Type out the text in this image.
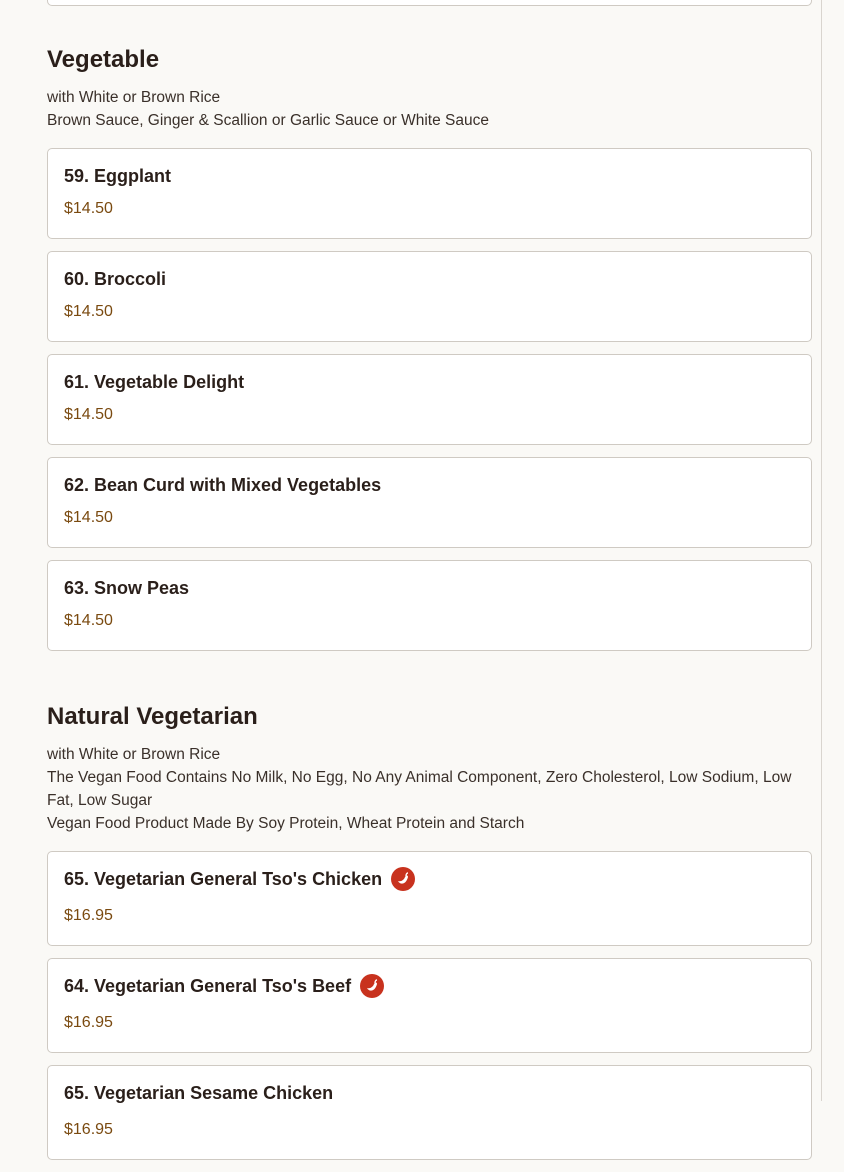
Vegetable
with White or Brown Rice
Brown Sauce, Ginger & Scallion or Garlic Sauce or White Sauce
59. Eggplant
$14.50
60. Broccoli
$14.50
61. Vegetable Delight
$14.50
62. Bean Curd with Mixed Vegetables
$14.50
63. Snow Peas
$14.50
Natural Vegetarian
with White or Brown Rice
The Vegan Food Contains No Milk, No Egg, No Any Animal Component, Zero Cholesterol, Low Sodium, Low Fat, Low Sugar
Vegan Food Product Made By Soy Protein, Wheat Protein and Starch
65. Vegetarian General Tso's Chicken
$16.95
64. Vegetarian General Tso's Beef
$16.95
65. Vegetarian Sesame Chicken
$16.95
